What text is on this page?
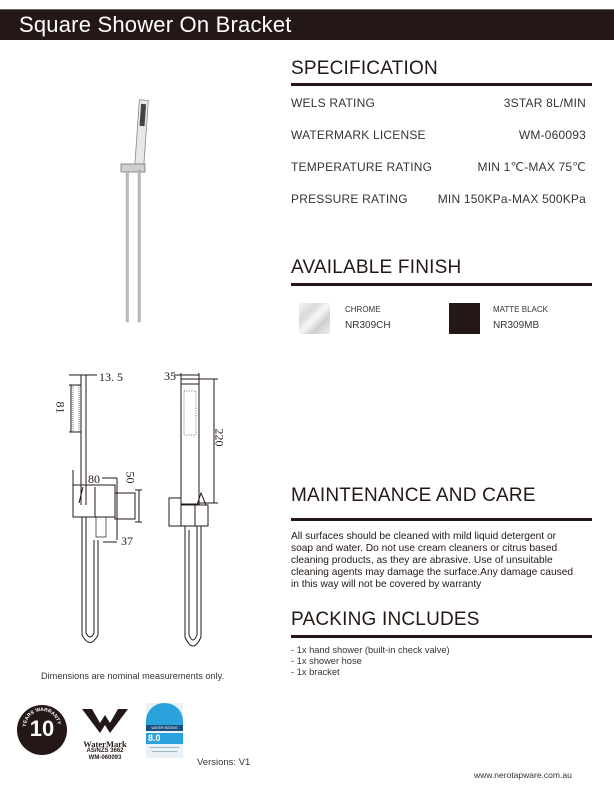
Square Shower On Bracket
13. 5
81
80 50
37
35
220
Dimensions are nominal measurements only.
SPECIFICATION
WELS RATING	3STAR 8L/MIN
WATERMARK LICENSE	WM-060093
TEMPERATURE RATING	MIN 1℃-MAX 75℃
PRESSURE RATING MIN 150KPa-MAX 500KPa
AVAILABLE FINISH
CHROME
NR309CH
MATTE BLACK
NR309MB
MAINTENANCE AND CARE
All surfaces should be cleaned with mild liquid detergent or
soap and water. Do not use cream cleaners or citrus based
cleaning products, as they are abrasive. Use of unsuitable
cleaning agents may damage the surface.Any damage caused
in this way will not be covered by warranty
PACKING INCLUDES
- 1x hand shower (built-in check valve)
- 1x shower hose
- 1x bracket
YEARS WARRANTY
10
WaterMark
AS/NZS 3662
WM-060093
WATER RATING
8.0
Versions: V1
www.nerotapware.com.au
